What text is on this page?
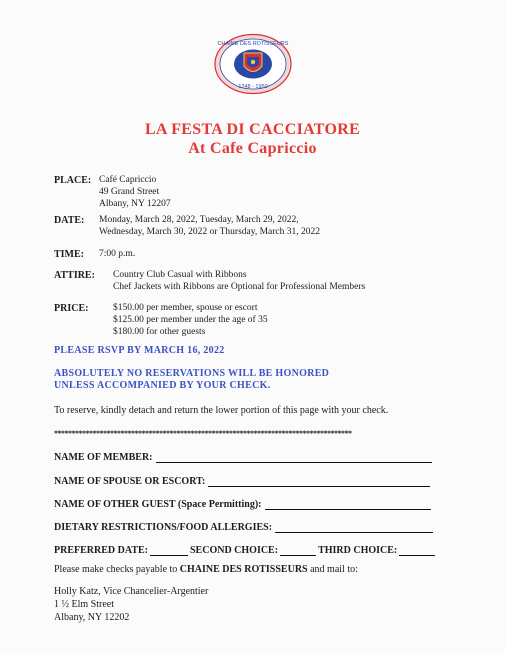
CHAINE DES ROTISSEURS
1248 - 1950
LA FESTA DI CACCIATORE
At Cafe Capriccio
PLACE: Café Capriccio
49 Grand Street
Albany, NY 12207
DATE: Monday, March 28, 2022, Tuesday, March 29, 2022,
Wednesday, March 30, 2022 or Thursday, March 31, 2022
TIME: 7:00 p.m.
ATTIRE: Country Club Casual with Ribbons
Chef Jackets with Ribbons are Optional for Professional Members
PRICE:	$150.00 per member, spouse or escort
$125.00 per member under the age of 35
$180.00 for other guests
PLEASE RSVP BY MARCH 16, 2022
ABSOLUTELY NO RESERVATIONS WILL BE HONORED
UNLESS ACCOMPANIED BY YOUR CHECK.
To reserve, kindly detach and return the lower portion of this page with your check.
*************************************************************************************
NAME OF MEMBER:
NAME OF SPOUSE OR ESCORT:
NAME OF OTHER GUEST (Space Permitting):
DIETARY RESTRICTIONS/FOOD ALLERGIES:
PREFERRED DATE:	SECOND CHOICE:	THIRD CHOICE:
Please make checks payable to CHAINE DES ROTISSEURS and mail to:
Holly Katz, Vice Chancelier-Argentier
1 ½ Elm Street
Albany, NY 12202
